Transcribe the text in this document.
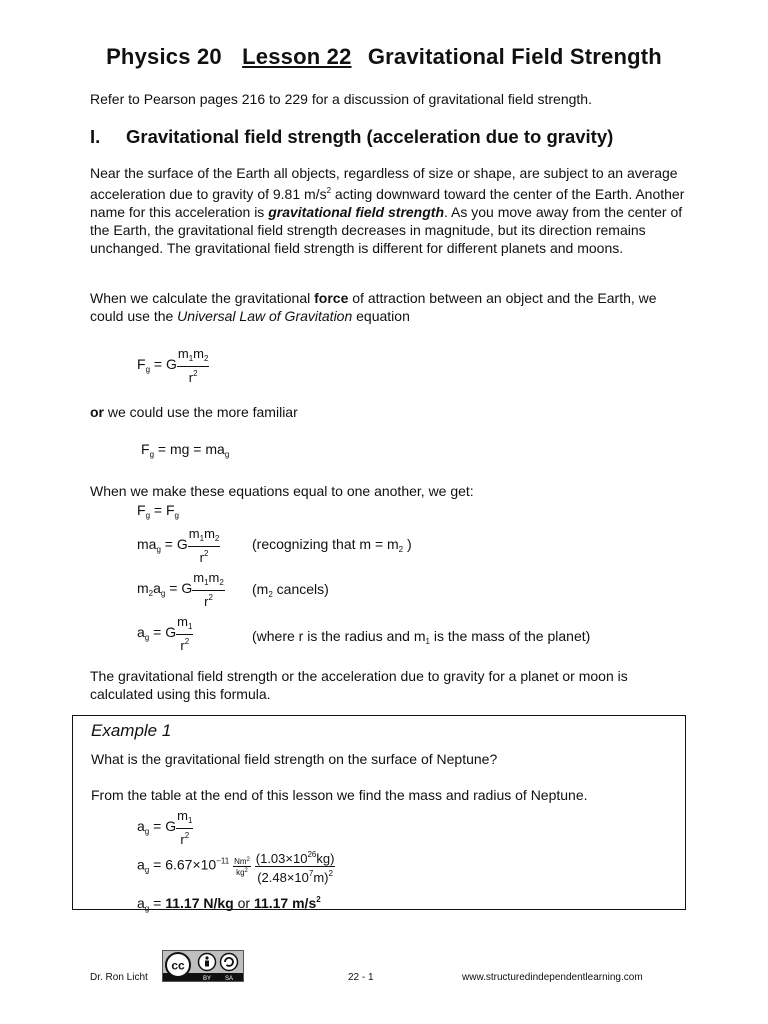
Physics 20 Lesson 22 Gravitational Field Strength

Refer to Pearson pages 216 to 229 for a discussion of gravitational field strength.

I. Gravitational field strength (acceleration due to gravity)

Near the surface of the Earth all objects, regardless of size or shape, are subject to an average acceleration due to gravity of 9.81 $m/s^2$ acting downward toward the center of the Earth. Another name for this acceleration is gravitational field strength. As you move away from the center of the Earth, the gravitational field strength decreases in magnitude, but its direction remains unchanged. The gravitational field strength is different for different planets and moons.

When we calculate the gravitational force of attraction between an object and the Earth, we could use the Universal Law of Gravitation equation

$F_g = G \frac{m_1m_2}{r^2}$

or we could use the more familiar

$F_g$ = mg = $ma_g$

When we make these equations equal to one another, we get:

$F_g = F_g$
$ma_g = G \frac{m_1m_2}{r^2}$ (recognizing that $m = m_2$ )
$m_2a_g = G \frac{m_1m_2}{r^2} (m_2$ cancels)
$a_g = G \frac{m_1}{r^2}$	(where r is the radius and $m_1$ is the mass of the planet)

The gravitational field strength or the acceleration due to gravity for a planet or moon is calculated using this formula.

Example 1
What is the gravitational field strength on the surface of Neptune?
From the table at the end of this lesson we find the mass and radius of Neptune.
$a_g = G \frac{m_1}{r^2}$
$a_g = 6.67\times 10^{-11} \frac{Nm^2}{kg^2}$
$\frac{(1.03\times 10^{26}kg)}{(2.48\times 10^7m)^2}$
$a_g = 11.17$ N/kg or 11.17 $m/s^2$
Dr. Ron Licht
cc
BY SA	22 - 1	www.structuredindependentlearning.com
